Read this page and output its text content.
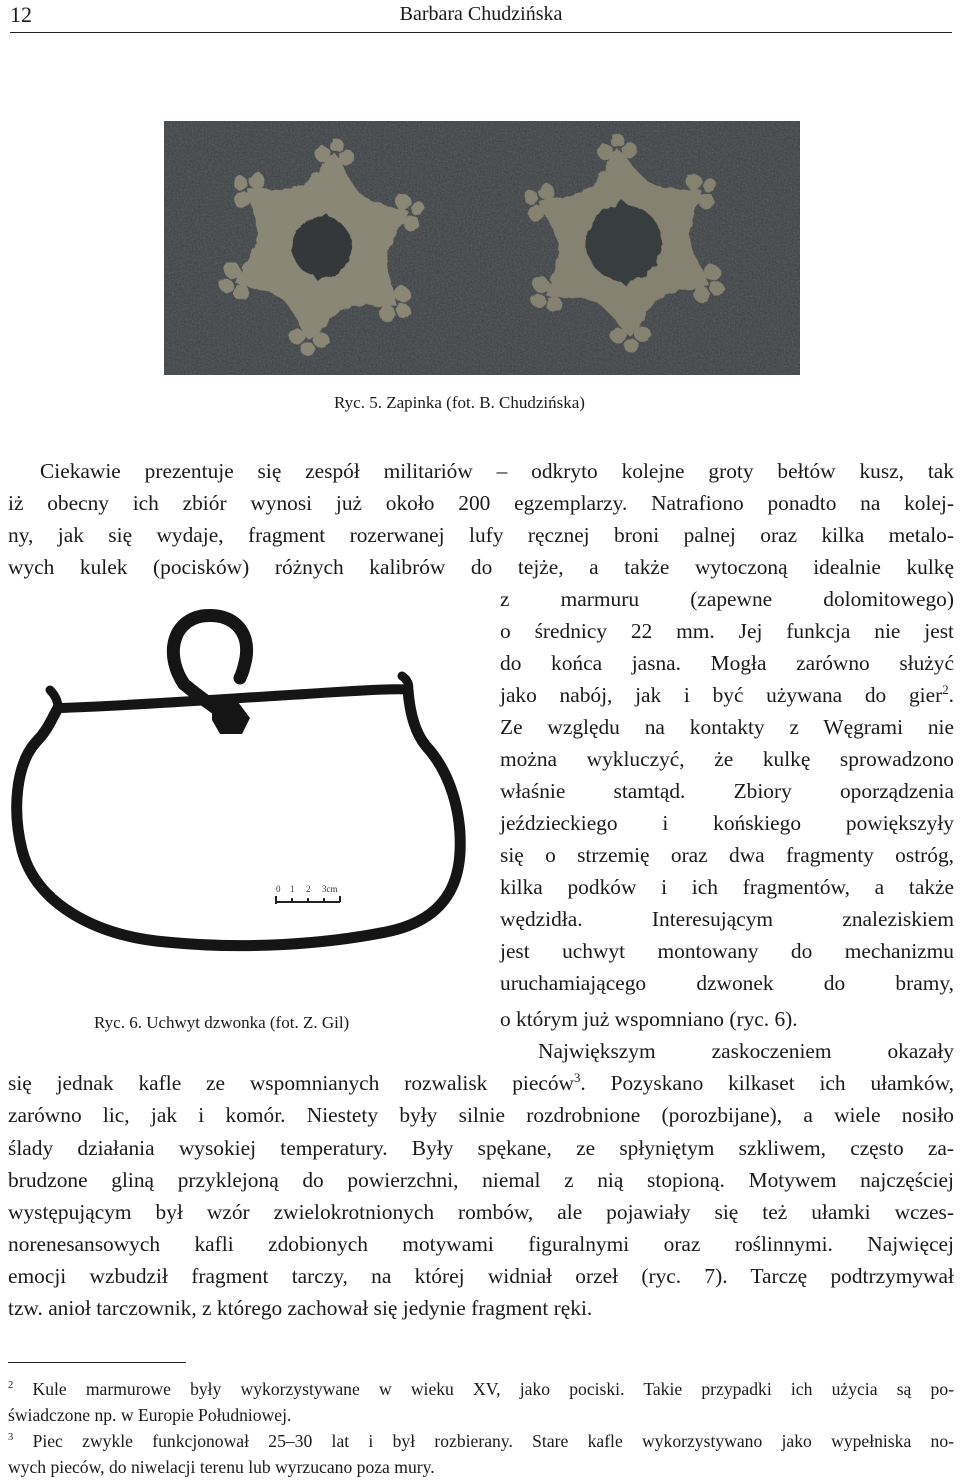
12	Barbara Chudzińska
Ryc. 5. Zapinka (fot. B. Chudzińska)
Ciekawie prezentuje się zespół militariów – odkryto kolejne groty bełtów kusz, tak
iż obecny ich zbiór wynosi już około 200 egzemplarzy. Natrafiono ponadto na kolej-
ny, jak się wydaje, fragment rozerwanej lufy ręcznej broni palnej oraz kilka metalo-
wych kulek (pocisków) różnych kalibrów do tejże, a także wytoczoną idealnie kulkę
z marmuru (zapewne dolomitowego)
o średnicy 22 mm. Jej funkcja nie jest
do końca jasna. Mogła zarówno służyć
jako nabój, jak i być używana do gier$^2$.
Ze względu na kontakty z Węgrami nie
można wykluczyć, że kulkę sprowadzono
właśnie stamtąd. Zbiory oporządzenia
jeździeckiego i końskiego powiększyły
się o strzemię oraz dwa fragmenty ostróg,
kilka podków i ich fragmentów, a także
wędzidła. Interesującym znaleziskiem
jest uchwyt montowany do mechanizmu
uruchamiającego dzwonek do bramy,
o którym już wspomniano (ryc. 6).
Największym zaskoczeniem okazały
się jednak kafle ze wspomnianych rozwalisk pieców$^3$. Pozyskano kilkaset ich ułamków,
zarówno lic, jak i komór. Niestety były silnie rozdrobnione (porozbijane), a wiele nosiło
ślady działania wysokiej temperatury. Były spękane, ze spłyniętym szkliwem, często za-
brudzone gliną przyklejoną do powierzchni, niemal z nią stopioną. Motywem najczęściej
występującym był wzór zwielokrotnionych rombów, ale pojawiały się też ułamki wczes-
norenesansowych kafli zdobionych motywami figuralnymi oraz roślinnymi. Najwięcej
emocji wzbudził fragment tarczy, na której widniał orzeł (ryc. 7). Tarczę podtrzymywał
tzw. anioł tarczownik, z którego zachował się jedynie fragment ręki.
0 1 2 3cm
Ryc. 6. Uchwyt dzwonka (fot. Z. Gil)
$^2$ Kule marmurowe były wykorzystywane w wieku XV, jako pociski. Takie przypadki ich użycia są po-
świadczone np. w Europie Południowej.
$^3$ Piec zwykle funkcjonował 25–30 lat i był rozbierany. Stare kafle wykorzystywano jako wypełniska no-
wych pieców, do niwelacji terenu lub wyrzucano poza mury.
